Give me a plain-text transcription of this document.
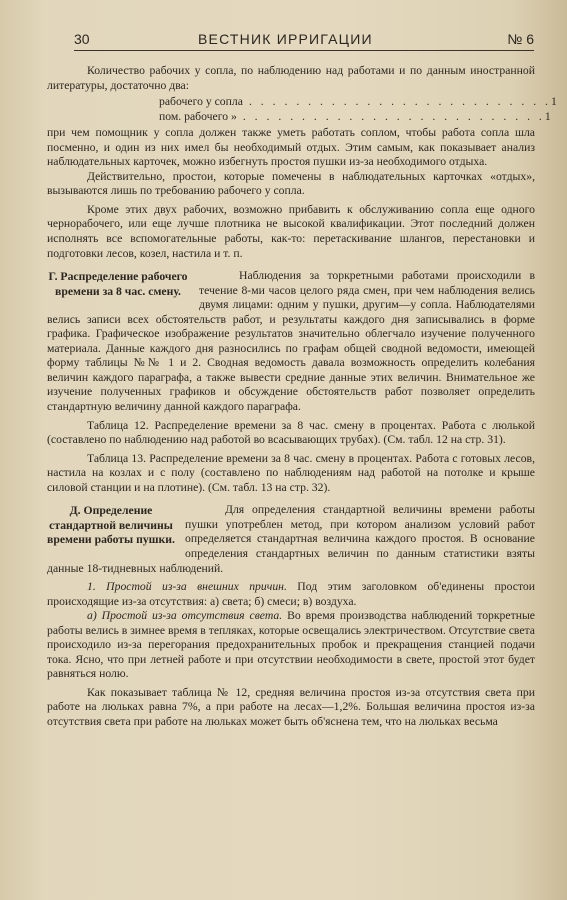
30	ВЕСТНИК ИРРИГАЦИИ	№ 6

Количество рабочих у сопла, по наблюдению над работами и по данным иностранной литературы, достаточно два:

рабочего у сопла . . . . . . . . . . . . . . . . . . . . . . . . . . 1
пом. рабочего » . . . . . . . . . . . . . . . . . . . . . . . . . . 1

при чем помощник у сопла должен также уметь работать соплом, чтобы работа сопла шла посменно, и один из них имел бы необходимый отдых. Этим самым, как показывает анализ наблюдательных карточек, можно избегнуть простоя пушки из-за необходимого отдыха.

Действительно, простои, которые помечены в наблюдательных карточках «отдых», вызываются лишь по требованию рабочего у сопла.

Кроме этих двух рабочих, возможно прибавить к обслуживанию сопла еще одного чернорабочего, или еще лучше плотника не высокой квалификации. Этот последний должен исполнять все вспомогательные работы, как-то: перетаскивание шлангов, перестановки и подготовки лесов, козел, настила и т. п.

Г. Распределение рабочего времени за 8 час. смену.

Наблюдения за торкретными работами происходили в течение 8-ми часов целого ряда смен, при чем наблюдения велись двумя лицами: одним у пушки, другим—у сопла. Наблюдателями велись записи всех обстоятельств работ, и результаты каждого дня записывались в форме графика. Графическое изображение результатов значительно облегчало изучение полученного материала. Данные каждого дня разносились по графам общей сводной ведомости, имеющей форму таблицы №№ 1 и 2. Сводная ведомость давала возможность определить колебания величин каждого параграфа, а также вывести средние данные этих величин. Внимательное же изучение полученных графиков и обсуждение обстоятельств работ позволяет определить стандартную величину данной каждого параграфа.

Таблица 12. Распределение времени за 8 час. смену в процентах. Работа с люлькой (составлено по наблюдению над работой во всасывающих трубах). (См. табл. 12 на стр. 31).

Таблица 13. Распределение времени за 8 час. смену в процентах. Работа с готовых лесов, настила на козлах и с полу (составлено по наблюдениям над работой на потолке и крыше силовой станции и на плотине). (См. табл. 13 на стр. 32).

Д. Определение стандартной величины времени работы пушки.

Для определения стандартной величины времени работы пушки употреблен метод, при котором анализом условий работ определяется стандартная величина каждого простоя. В основание определения стандартных величин по данным статистики взяты данные 18-тидневных наблюдений.

1. Простой из-за внешних причин. Под этим заголовком об'единены простои происходящие из-за отсутствия: а) света; б) смеси; в) воздуха.

а) Простой из-за отсутствия света. Во время производства наблюдений торкретные работы велись в зимнее время в тепляках, которые освещались электричеством. Отсутствие света происходило из-за перегорания предохранительных пробок и прекращения станцией подачи тока. Ясно, что при летней работе и при отсутствии необходимости в свете, простой этот будет равняться нолю.

Как показывает таблица № 12, средняя величина простоя из-за отсутствия света при работе на люльках равна 7%, а при работе на лесах—1,2%. Большая величина простоя из-за отсутствия света при работе на люльках может быть об'яснена тем, что на люльках весьма
